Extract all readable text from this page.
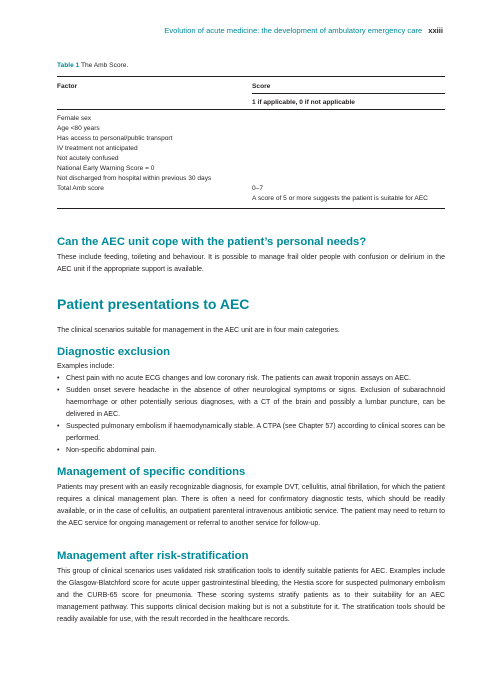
Evolution of acute medicine: the development of ambulatory emergency care xxiii
Table 1 The Amb Score.
Factor	Score
1 if applicable, 0 if not applicable
Female sex
Age <80 years
Has access to personal/public transport
IV treatment not anticipated
Not acutely confused
National Early Warning Score = 0
Not discharged from hospital within previous 30 days
Total Amb score	0–7
A score of 5 or more suggests the patient is suitable for AEC
Can the AEC unit cope with the patient’s personal needs?

These include feeding, toileting and behaviour. It is possible to manage frail older people with confusion or delirium in the AEC unit if the appropriate support is available.

Patient presentations to AEC

The clinical scenarios suitable for management in the AEC unit are in four main categories.

Diagnostic exclusion

Examples include:

• Chest pain with no acute ECG changes and low coronary risk. The patients can await troponin assays on AEC.
• Sudden onset severe headache in the absence of other neurological symptoms or signs. Exclusion of subarachnoid haemorrhage or other potentially serious diagnoses, with a CT of the brain and possibly a lumbar puncture, can be delivered in AEC.
• Suspected pulmonary embolism if haemodynamically stable. A CTPA (see Chapter 57) according to clinical scores can be performed.
• Non-specific abdominal pain.
Management of specific conditions

Patients may present with an easily recognizable diagnosis, for example DVT, cellulitis, atrial fibrillation, for which the patient requires a clinical management plan. There is often a need for confirmatory diagnostic tests, which should be readily available, or in the case of cellulitis, an outpatient parenteral intravenous antibiotic service. The patient may need to return to the AEC service for ongoing management or referral to another service for follow-up.

Management after risk-stratification

This group of clinical scenarios uses validated risk stratification tools to identify suitable patients for AEC. Examples include the Glasgow-Blatchford score for acute upper gastrointestinal bleeding, the Hestia score for suspected pulmonary embolism and the CURB-65 score for pneumonia. These scoring systems stratify patients as to their suitability for an AEC management pathway. This supports clinical decision making but is not a substitute for it. The stratification tools should be readily available for use, with the result recorded in the healthcare records.
